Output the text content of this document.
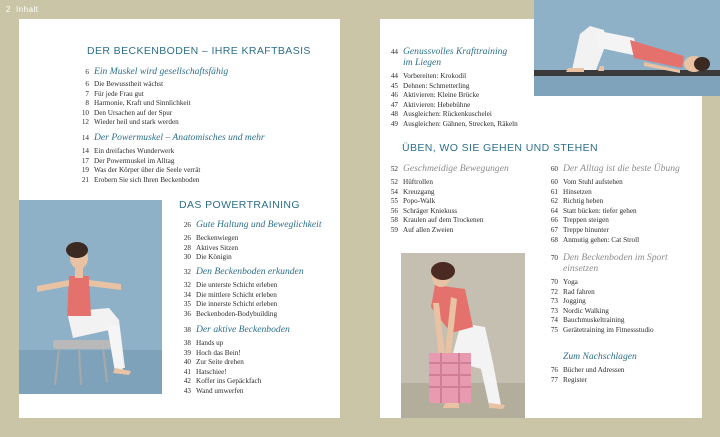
2 Inhalt
DER BECKENBODEN – IHRE KRAFTBASIS
6 Ein Muskel wird gesellschaftsfähig
6 Die Bewusstheit wächst
7 Für jede Frau gut
8 Harmonie, Kraft und Sinnlichkeit
10 Den Ursachen auf der Spur
12 Wieder heil und stark werden
14 Der Powermuskel – Anatomisches und mehr
14 Ein dreifaches Wunderwerk
17 Der Powermuskel im Alltag
19 Was der Körper über die Seele verrät
21 Erobern Sie sich Ihren Beckenboden
DAS POWERTRAINING
26 Gute Haltung und Beweglichkeit
26 Beckenwiegen
28 Aktives Sitzen
30 Die Königin
32 Den Beckenboden erkunden
32 Die unterste Schicht erleben
34 Die mittlere Schicht erleben
35 Die innerste Schicht erleben
36 Beckenboden-Bodybuilding
38 Der aktive Beckenboden
38 Hands up
39 Hoch das Bein!
40 Zur Seite drehen
41 Hatschiee!
42 Koffer ins Gepäckfach
43 Wand umwerfen
44 Genussvolles Krafttraining
im Liegen
44 Vorbereiten: Krokodil
45 Dehnen: Schmetterling
46 Aktivieren: Kleine Brücke
47 Aktivieren: Hebebühne
48 Ausgleichen: Rückenkuschelei
49 Ausgleichen: Gähnen, Strecken, Räkeln
ÜBEN, WO SIE GEHEN UND STEHEN
52 Geschmeidige Bewegungen
52 Hüftrollen
54 Kreuzgang
55 Popo-Walk
56 Schräger Kniekuss
58 Kraulen auf dem Trockenen
59 Auf allen Zweien
60 Der Alltag ist die beste Übung
60 Vom Stuhl aufstehen
61 Hinsetzen
62 Richtig heben
64 Statt bücken: tiefer gehen
66 Treppen steigen
67 Treppe hinunter
68 Anmutig gehen: Cat Stroll
70 Den Beckenboden im Sport
einsetzen
70 Yoga
72 Rad fahren
73 Jogging
73 Nordic Walking
74 Bauchmuskeltraining
75 Gerätetraining im Fitnessstudio
Zum Nachschlagen
76 Bücher und Adressen
77 Register
